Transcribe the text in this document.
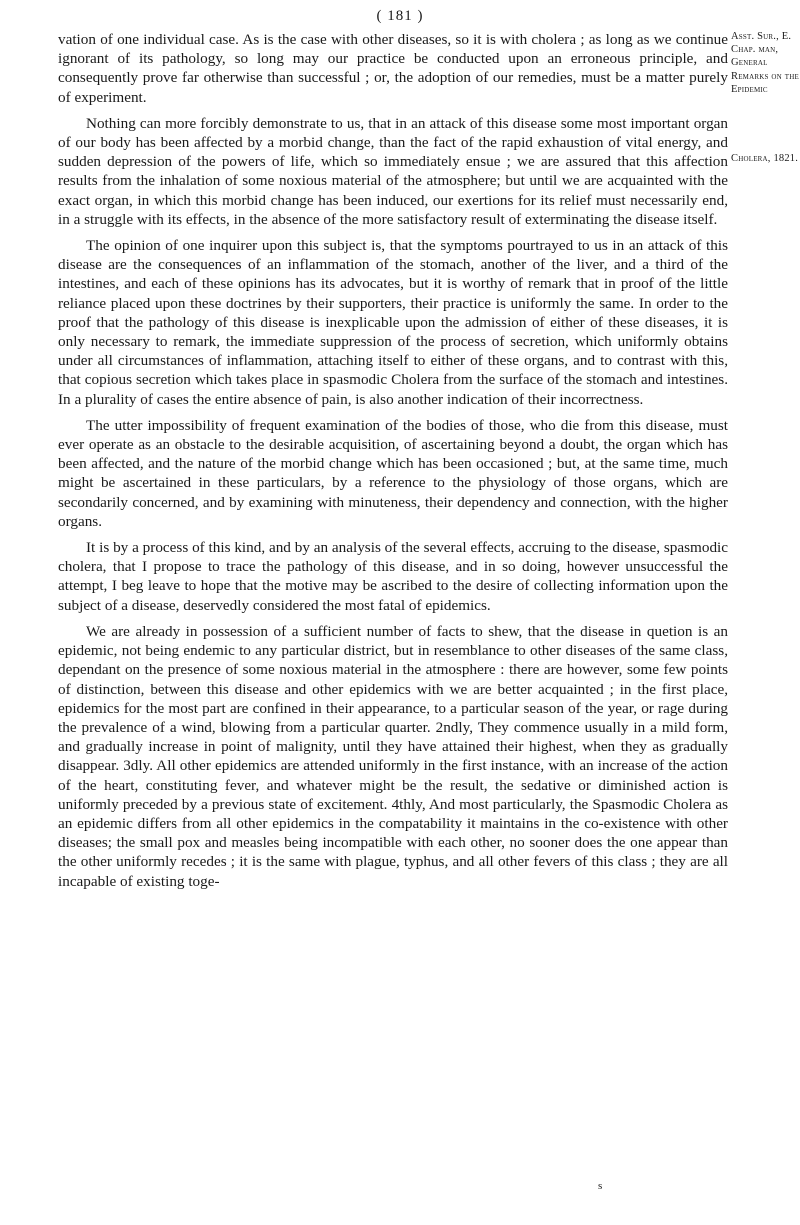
( 181 )
Asst. Sur., E. Chap. man, General Remarks on the Epidemic
Cholera, 1821.

vation of one individual case. As is the case with other diseases, so it is with cholera ; as long as we continue ignorant of its pathology, so long may our practice be conducted upon an erroneous principle, and consequently prove far otherwise than successful ; or, the adoption of our remedies, must be a matter purely of experiment.

Nothing can more forcibly demonstrate to us, that in an attack of this disease some most important organ of our body has been affected by a morbid change, than the fact of the rapid exhaustion of vital energy, and sudden depression of the powers of life, which so immediately ensue ; we are assured that this affection results from the inhalation of some noxious material of the atmosphere; but until we are acquainted with the exact organ, in which this morbid change has been induced, our exertions for its relief must necessarily end, in a struggle with its effects, in the absence of the more satisfactory result of exterminating the disease itself.

The opinion of one inquirer upon this subject is, that the symptoms pourtrayed to us in an attack of this disease are the consequences of an inflammation of the stomach, another of the liver, and a third of the intestines, and each of these opinions has its advocates, but it is worthy of remark that in proof of the little reliance placed upon these doctrines by their supporters, their practice is uniformly the same. In order to the proof that the pathology of this disease is inexplicable upon the admission of either of these diseases, it is only necessary to remark, the immediate suppression of the process of secretion, which uniformly obtains under all circumstances of inflammation, attaching itself to either of these organs, and to contrast with this, that copious secretion which takes place in spasmodic Cholera from the surface of the stomach and intestines. In a plurality of cases the entire absence of pain, is also another indication of their incorrectness.

The utter impossibility of frequent examination of the bodies of those, who die from this disease, must ever operate as an obstacle to the desirable acquisition, of ascertaining beyond a doubt, the organ which has been affected, and the nature of the morbid change which has been occasioned ; but, at the same time, much might be ascertained in these particulars, by a reference to the physiology of those organs, which are secondarily concerned, and by examining with minuteness, their dependency and connection, with the higher organs.

It is by a process of this kind, and by an analysis of the several effects, accruing to the disease, spasmodic cholera, that I propose to trace the pathology of this disease, and in so doing, however unsuccessful the attempt, I beg leave to hope that the motive may be ascribed to the desire of collecting information upon the subject of a disease, deservedly considered the most fatal of epidemics.

We are already in possession of a sufficient number of facts to shew, that the disease in quetion is an epidemic, not being endemic to any particular district, but in resemblance to other diseases of the same class, dependant on the presence of some noxious material in the atmosphere : there are however, some few points of distinction, between this disease and other epidemics with we are better acquainted ; in the first place, epidemics for the most part are confined in their appearance, to a particular season of the year, or rage during the prevalence of a wind, blowing from a particular quarter. 2ndly, They commence usually in a mild form, and gradually increase in point of malignity, until they have attained their highest, when they as gradually disappear. 3dly. All other epidemics are attended uniformly in the first instance, with an increase of the action of the heart, constituting fever, and whatever might be the result, the sedative or diminished action is uniformly preceded by a previous state of excitement. 4thly, And most particularly, the Spasmodic Cholera as an epidemic differs from all other epidemics in the compatability it maintains in the co-existence with other diseases; the small pox and measles being incompatible with each other, no sooner does the one appear than the other uniformly recedes ; it is the same with plague, typhus, and all other fevers of this class ; they are all incapable of existing toge-

s
